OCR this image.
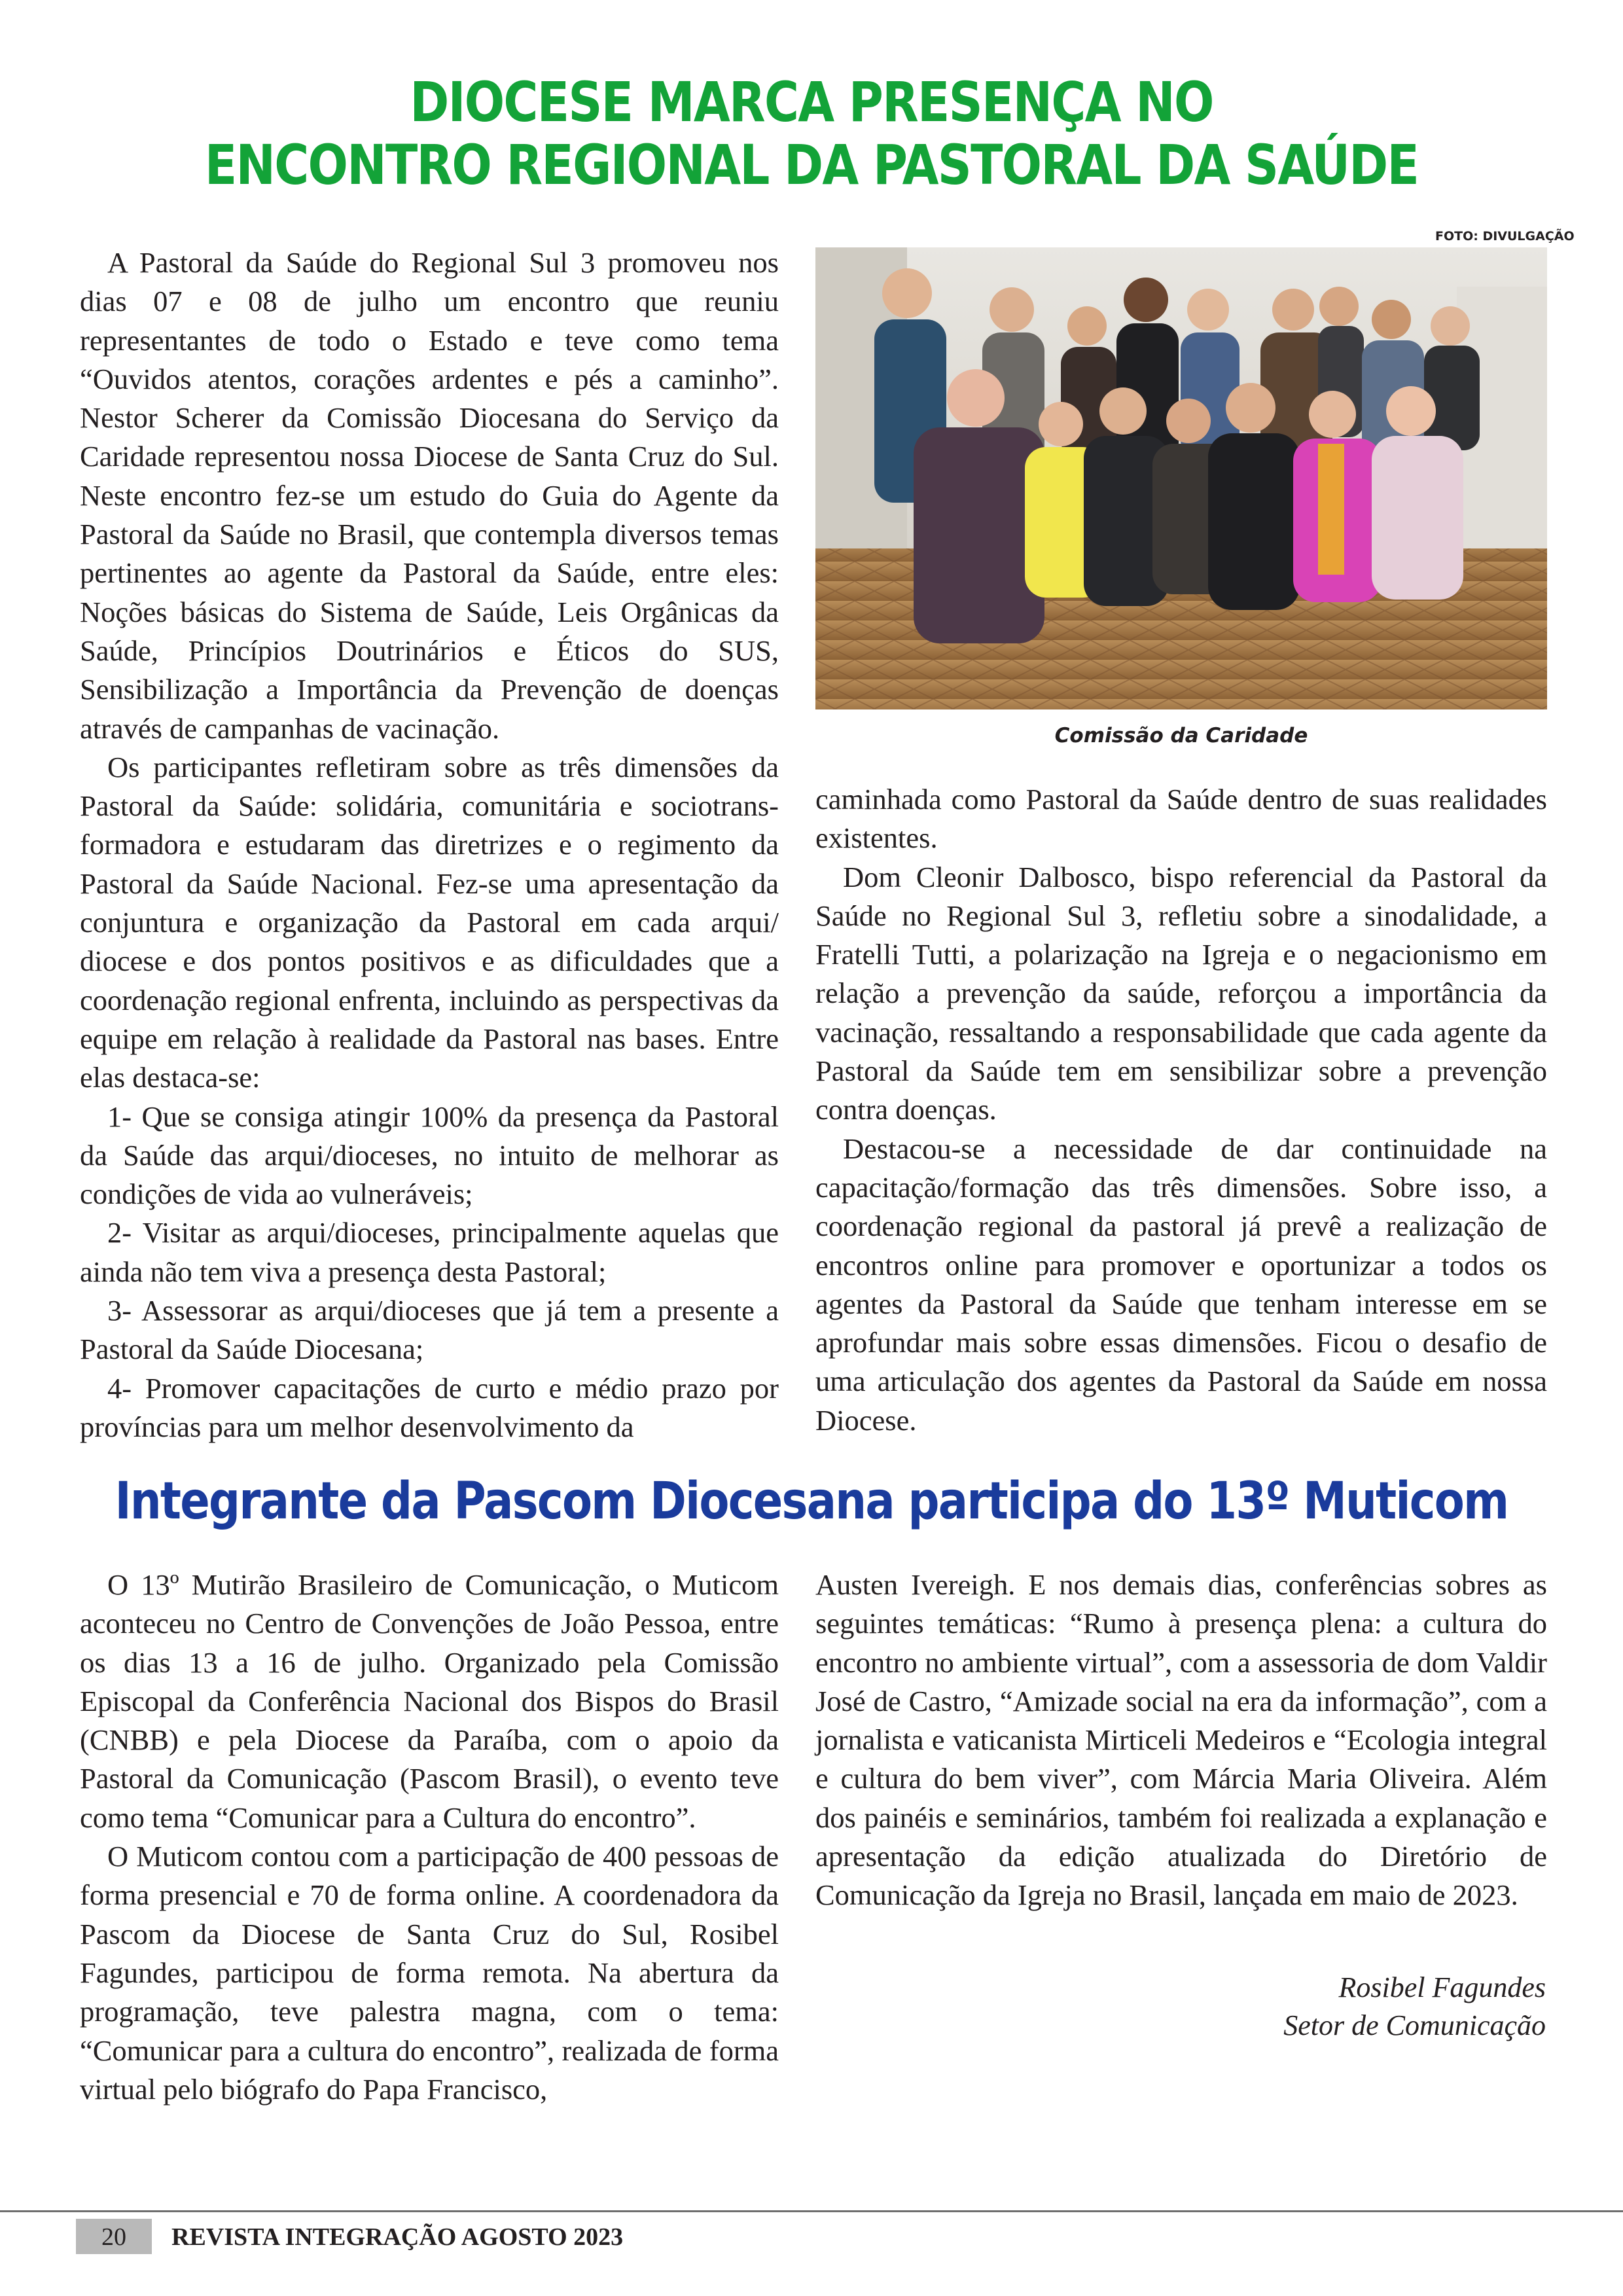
DIOCESE MARCA PRESENÇA NO
ENCONTRO REGIONAL DA PASTORAL DA SAÚDE

A Pastoral da Saúde do Regional Sul 3 promoveu nos dias 07 e 08 de julho um encontro que reuniu representantes de todo o Estado e teve como tema “Ouvidos atentos, corações ardentes e pés a caminho”. Nestor Scherer da Comissão Diocesana do Serviço da Caridade representou nossa Diocese de Santa Cruz do Sul. Neste encontro fez-se um estudo do Guia do Agente da Pastoral da Saúde no Brasil, que contempla diversos temas pertinentes ao agente da Pastoral da Saúde, entre eles: Noções básicas do Sistema de Saúde, Leis Orgânicas da Saúde, Princípios Doutrinários e Éticos do SUS, Sensibilização a Importância da Prevenção de doenças através de campanhas de vacinação.

Os participantes refletiram sobre as três dimensões da Pastoral da Saúde: solidária, comunitária e sociotransformadora e estudaram das diretrizes e o regimento da Pastoral da Saúde Nacional. Fez-se uma apresentação da conjuntura e organização da Pastoral em cada arqui/ diocese e dos pontos positivos e as dificuldades que a coordenação regional enfrenta, incluindo as perspectivas da equipe em relação à realidade da Pastoral nas bases. Entre elas destaca-se:

1- Que se consiga atingir 100% da presença da Pastoral da Saúde das arqui/dioceses, no intuito de melhorar as condições de vida ao vulneráveis;

2- Visitar as arqui/dioceses, principalmente aquelas que ainda não tem viva a presença desta Pastoral;

3- Assessorar as arqui/dioceses que já tem a presente a Pastoral da Saúde Diocesana;

4- Promover capacitações de curto e médio prazo por províncias para um melhor desenvolvimento da

FOTO: DIVULGAÇÃO
Comissão da Caridade

caminhada como Pastoral da Saúde dentro de suas realidades existentes.

Dom Cleonir Dalbosco, bispo referencial da Pastoral da Saúde no Regional Sul 3, refletiu sobre a sinodalidade, a Fratelli Tutti, a polarização na Igreja e o negacionismo em relação a prevenção da saúde, reforçou a importância da vacinação, ressaltando a responsabilidade que cada agente da Pastoral da Saúde tem em sensibilizar sobre a prevenção contra doenças.

Destacou-se a necessidade de dar continuidade na capacitação/formação das três dimensões. Sobre isso, a coordenação regional da pastoral já prevê a realização de encontros online para promover e oportunizar a todos os agentes da Pastoral da Saúde que tenham interesse em se aprofundar mais sobre essas dimensões. Ficou o desafio de uma articulação dos agentes da Pastoral da Saúde em nossa Diocese.

Integrante da Pascom Diocesana participa do 13º Muticom

O 13º Mutirão Brasileiro de Comunicação, o Muticom aconteceu no Centro de Convenções de João Pessoa, entre os dias 13 a 16 de julho. Organizado pela Comissão Episcopal da Conferência Nacional dos Bispos do Brasil (CNBB) e pela Diocese da Paraíba, com o apoio da Pastoral da Comunicação (Pascom Brasil), o evento teve como tema “Comunicar para a Cultura do encontro”.

O Muticom contou com a participação de 400 pessoas de forma presencial e 70 de forma online. A coordenadora da Pascom da Diocese de Santa Cruz do Sul, Rosibel Fagundes, participou de forma remota. Na abertura da programação, teve palestra magna, com o tema: “Comunicar para a cultura do encontro”, realizada de forma virtual pelo biógrafo do Papa Francisco,

Austen Ivereigh. E nos demais dias, conferências sobres as seguintes temáticas: “Rumo à presença plena: a cultura do encontro no ambiente virtual”, com a assessoria de dom Valdir José de Castro, “Amizade social na era da informação”, com a jornalista e vaticanista Mirticeli Medeiros e “Ecologia integral e cultura do bem viver”, com Márcia Maria Oliveira. Além dos painéis e seminários, também foi realizada a explanação e apresentação da edição atualizada do Diretório de Comunicação da Igreja no Brasil, lançada em maio de 2023.

Rosibel Fagundes
Setor de Comunicação
20	REVISTA INTEGRAÇÃO AGOSTO 2023
